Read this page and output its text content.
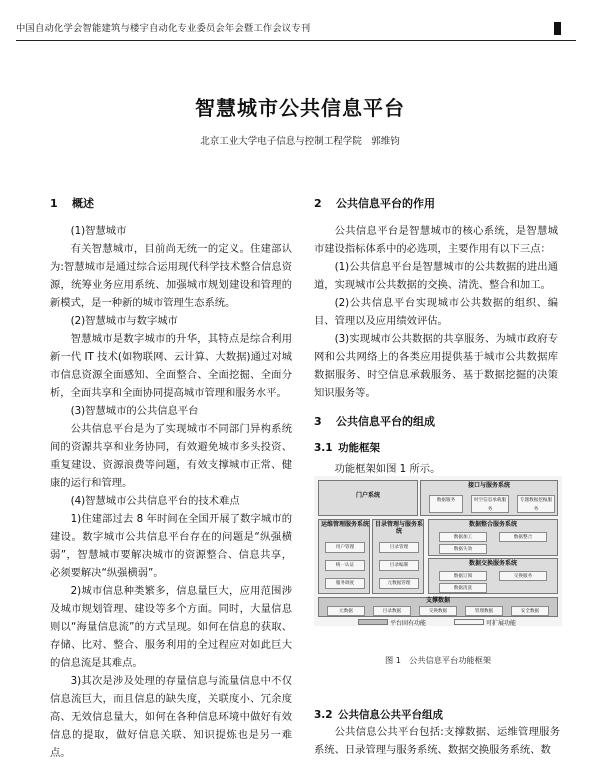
中国自动化学会智能建筑与楼宇自动化专业委员会年会暨工作会议专刊
智慧城市公共信息平台
北京工业大学电子信息与控制工程学院　郭维钧
1 概述
(1)智慧城市
有关智慧城市，目前尚无统一的定义。住建部认为:智慧城市是通过综合运用现代科学技术整合信息资源，统筹业务应用系统、加强城市规划建设和管理的新模式，是一种新的城市管理生态系统。
(2)智慧城市与数字城市
智慧城市是数字城市的升华，其特点是综合利用新一代 IT 技术(如物联网、云计算、大数据)通过对城市信息资源全面感知、全面整合、全面挖掘、全面分析，全面共享和全面协同提高城市管理和服务水平。
(3)智慧城市的公共信息平台
公共信息平台是为了实现城市不同部门异构系统间的资源共享和业务协同，有效避免城市多头投资、重复建设、资源浪费等问题，有效支撑城市正常、健康的运行和管理。
(4)智慧城市公共信息平台的技术难点
1)住建部过去 8 年时间在全国开展了数字城市的建设。数字城市公共信息平台存在的问题是“纵强横弱”，智慧城市要解决城市的资源整合、信息共享，必须要解决“纵强横弱”。
2)城市信息种类繁多，信息量巨大，应用范围涉及城市规划管理、建设等多个方面。同时，大量信息则以“海量信息流”的方式呈现。如何在信息的获取、存储、比对、整合、服务利用的全过程应对如此巨大的信息流是其难点。
3)其次是涉及处理的存量信息与流量信息中不仅信息流巨大，而且信息的缺失度，关联度小、冗余度高、无效信息量大，如何在各种信息环境中做好有效信息的提取，做好信息关联、知识提炼也是另一难点。
2 公共信息平台的作用
公共信息平台是智慧城市的核心系统，是智慧城市建设指标体系中的必选项，主要作用有以下三点：
(1)公共信息平台是智慧城市的公共数据的进出通道，实现城市公共数据的交换、清洗、整合和加工。
(2)公共信息平台实现城市公共数据的组织、编目、管理以及应用绩效评估。
(3)实现城市公共数据的共享服务、为城市政府专网和公共网络上的各类应用提供基于城市公共数据库数据服务、时空信息承载服务、基于数据挖掘的决策知识服务等。
3 公共信息平台的组成
3.1 功能框架
功能框架如图 1 所示。
门户系统
接口与服务系统
数据服务	时空信息承载服务
专题数据挖掘服务
运维管理服务系统
用户管理
统一认证
服务调度
目录管理与服务系统
目录管理
目录编制
元数据管理
数据整合服务系统
数据加工	数据整合
数据失效
数据交换服务系统
数据订阅	交换服务
数据清洗
支撑数据
元数据	目录数据	交换数据	管理数据	安全数据
平台固有功能	可扩展功能
图 1　公共信息平台功能框架
3.2 公共信息公共平台组成
公共信息公共平台包括:支撑数据、运维管理服务系统、日录管理与服务系统、数据交换服务系统、数
